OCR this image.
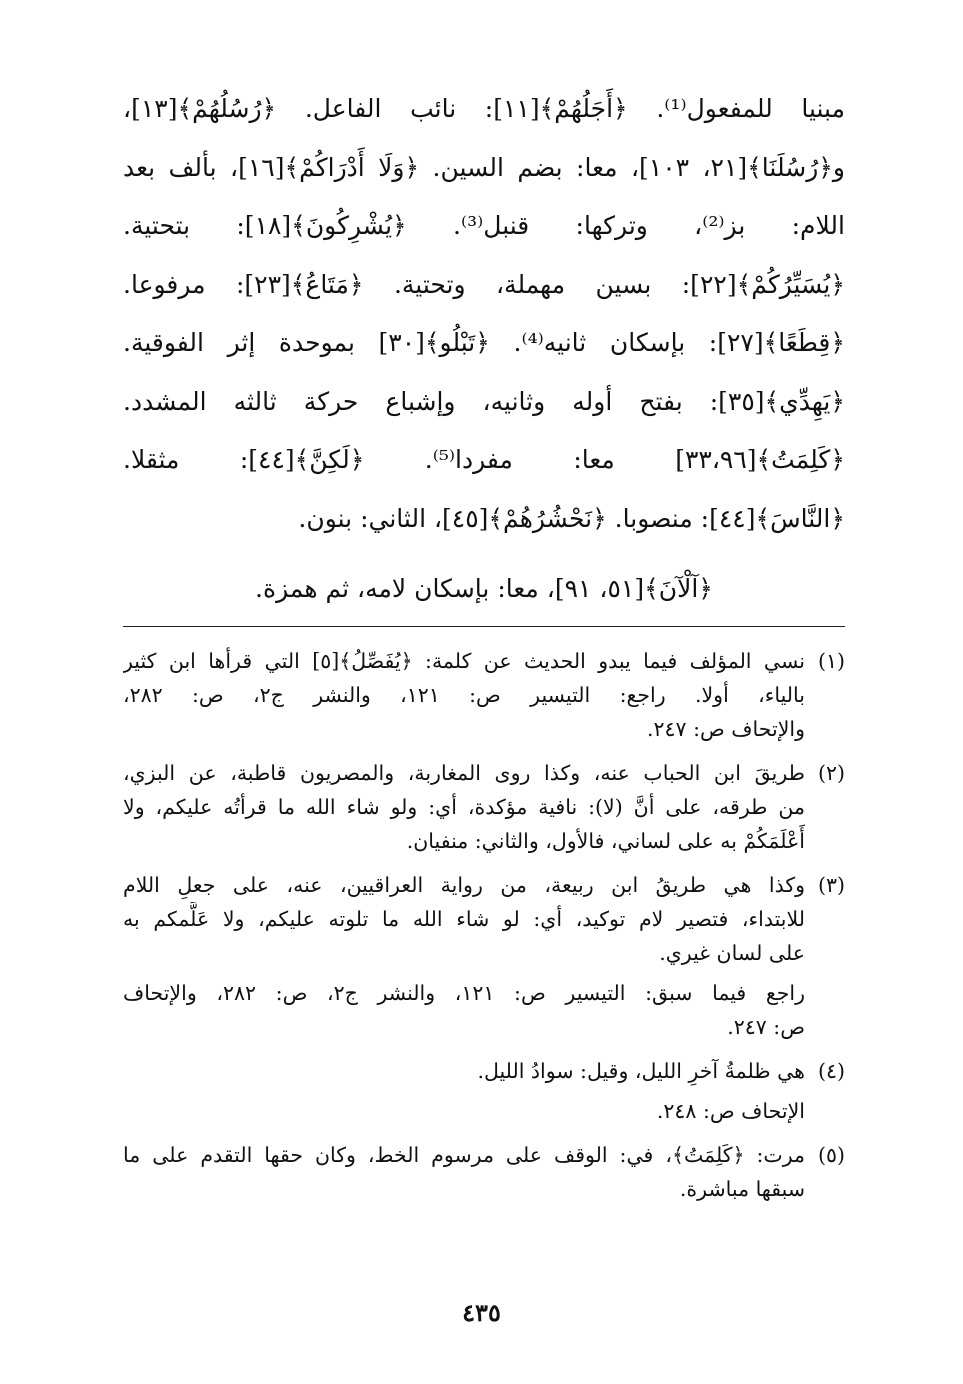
مبنيا للمفعول⁽¹⁾. ﴿أَجَلُهُمْ﴾[١١]: نائب الفاعل. ﴿رُسُلُهُمْ﴾[١٣]،
و﴿رُسُلَنَا﴾[٢١، ١٠٣]، معا: بضم السين. ﴿وَلَا أَدْرَاكُمْ﴾[١٦]، بألف بعد
اللام: بز⁽²⁾، وتركها: قنبل⁽³⁾. ﴿يُشْرِكُونَ﴾[١٨]: بتحتية.
﴿يُسَيِّرُكُمْ﴾[٢٢]: بسين مهملة، وتحتية. ﴿مَتَاعُ﴾[٢٣]: مرفوعا.
﴿قِطَعًا﴾[٢٧]: بإسكان ثانيه⁽⁴⁾. ﴿تَبْلُو﴾[٣٠] بموحدة إثر الفوقية.
﴿يَهِدِّي﴾[٣٥]: بفتح أوله وثانيه، وإشباع حركة ثالثه المشدد.
﴿كَلِمَتُ﴾[٣٣،٩٦] معا: مفردا⁽⁵⁾. ﴿لَكِنَّ﴾[٤٤]: مثقلا.
﴿النَّاسَ﴾[٤٤]: منصوبا. ﴿نَحْشُرُهُمْ﴾[٤٥]، الثاني: بنون.
﴿آلْآنَ﴾[٥١، ٩١]، معا: بإسكان لامه، ثم همزة.
(١)
نسي المؤلف فيما يبدو الحديث عن كلمة: ﴿يُفَصِّلُ﴾[٥] التي قرأها ابن كثير
بالياء، أولا. راجع: التيسير ص: ١٢١، والنشر ج٢، ص: ٢٨٢،
والإتحاف ص: ٢٤٧.
(٢)
طريقَ ابن الحباب عنه، وكذا روى المغاربة، والمصريون قاطبة، عن البزي،
من طرقه، على أنَّ (لا): نافية مؤكدة، أي: ولو شاء الله ما قرأتُه عليكم، ولا
أَعْلَمَكُمْ به على لساني، فالأول، والثاني: منفيان.
(٣)
وكذا هي طريقُ ابن ربيعة، من رواية العراقيين، عنه، على جعلِ اللام
للابتداء، فتصير لام توكيد، أي: لو شاء الله ما تلوته عليكم، ولا عَلَّمكم به
على لسان غيري.
راجع فيما سبق: التيسير ص: ١٢١، والنشر ج٢، ص: ٢٨٢، والإتحاف
ص: ٢٤٧.
(٤)
هي ظلمةُ آخرِ الليل، وقيل: سوادُ الليل.
الإتحاف ص: ٢٤٨.
(٥)
مرت: ﴿كَلِمَتُ﴾، في: الوقف على مرسوم الخط، وكان حقها التقدم على ما
سبقها مباشرة.
٤٣٥
